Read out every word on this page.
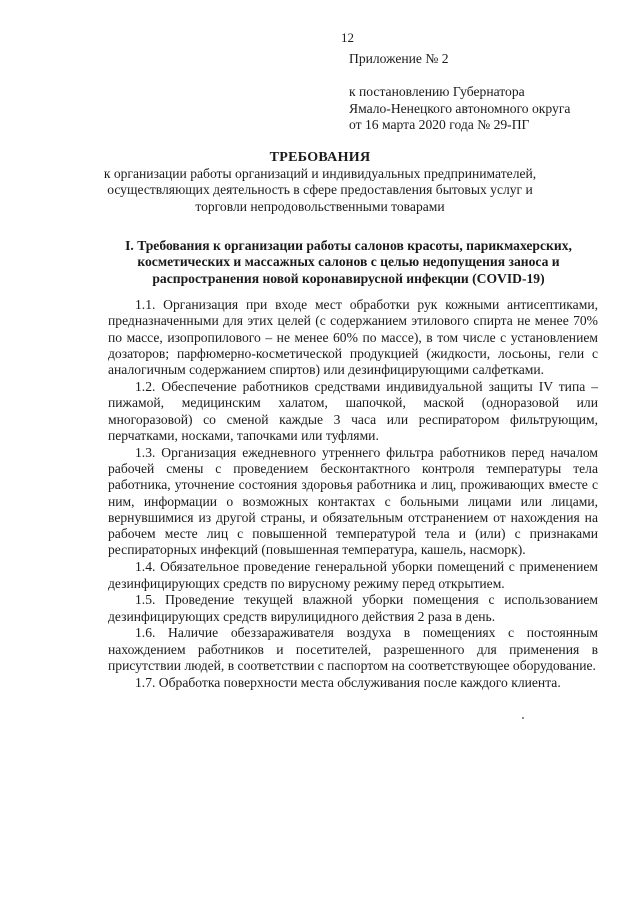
12
Приложение № 2
к постановлению Губернатора
Ямало-Ненецкого автономного округа
от 16 марта 2020 года № 29-ПГ
ТРЕБОВАНИЯ
к организации работы организаций и индивидуальных предпринимателей, осуществляющих деятельность в сфере предоставления бытовых услуг и торговли непродовольственными товарами
I. Требования к организации работы салонов красоты, парикмахерских, косметических и массажных салонов с целью недопущения заноса и распространения новой коронавирусной инфекции (COVID-19)

1.1. Организация при входе мест обработки рук кожными антисептиками, предназначенными для этих целей (с содержанием этилового спирта не менее 70% по массе, изопропилового – не менее 60% по массе), в том числе с установлением дозаторов; парфюмерно-косметической продукцией (жидкости, лосьоны, гели с аналогичным содержанием спиртов) или дезинфицирующими салфетками.

1.2. Обеспечение работников средствами индивидуальной защиты IV типа – пижамой, медицинским халатом, шапочкой, маской (одноразовой или многоразовой) со сменой каждые 3 часа или респиратором фильтрующим, перчатками, носками, тапочками или туфлями.

1.3. Организация ежедневного утреннего фильтра работников перед началом рабочей смены с проведением бесконтактного контроля температуры тела работника, уточнение состояния здоровья работника и лиц, проживающих вместе с ним, информации о возможных контактах с больными лицами или лицами, вернувшимися из другой страны, и обязательным отстранением от нахождения на рабочем месте лиц с повышенной температурой тела и (или) с признаками респираторных инфекций (повышенная температура, кашель, насморк).

1.4. Обязательное проведение генеральной уборки помещений с применением дезинфицирующих средств по вирусному режиму перед открытием.

1.5. Проведение текущей влажной уборки помещения с использованием дезинфицирующих средств вирулицидного действия 2 раза в день.

1.6. Наличие обеззараживателя воздуха в помещениях с постоянным нахождением работников и посетителей, разрешенного для применения в присутствии людей, в соответствии с паспортом на соответствующее оборудование.

1.7. Обработка поверхности места обслуживания после каждого клиента.
